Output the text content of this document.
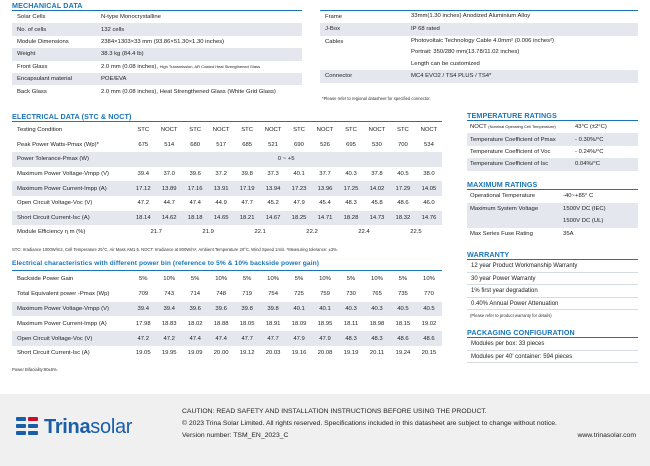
MECHANICAL DATA
Solar Cells	N-type Monocrystalline
No. of cells	132 cells
Module Dimensions	2384×1303×33 mm (93.86×51.30×1.30 inches)
Weight	38.3 kg (84.4 lb)
Front Glass	2.0 mm (0.08 inches), High Transmission, AR Coated Heat Strengthened Glass
Encapsulant material	POE/EVA
Back Glass	2.0 mm (0.08 inches), Heat Strengthened Glass (White Grid Glass)
Frame	33mm(1.30 inches) Anodized Aluminium Alloy

J-Box	IP 68 rated

Cables	Photovoltaic Technology Cable 4.0mm² (0.006 inches²)
Portrait: 350/280 mm(13.78/11.02 inches)
Length can be customized

Connector	MC4 EVO2 / TS4 PLUS / TS4*
*Please refer to regional datasheet for specified connector.
ELECTRICAL DATA (STC & NOCT)
Testing Condition	STC	NOCT	STC	NOCT	STC	NOCT	STC	NOCT	STC	NOCT	STC	NOCT
Peak Power Watts-Pmax (Wp)*	675	514	680	517	685	521	690	526	695	530	700	534
Power Tolerance-Pmax (W)	0 ~ +5											
Maximum Power Voltage-Vmpp (V)	39.4	37.0	39.6	37.2	39.8	37.3	40.1	37.7	40.3	37.8	40.5	38.0
Maximum Power Current-Impp (A)	17.12	13.89	17.16	13.91	17.19	13.94	17.23	13.96	17.25	14.02	17.29	14.05
Open Circuit Voltage-Voc (V)	47.2	44.7	47.4	44.9	47.7	45.2	47.9	45.4	48.3	45.8	48.6	46.0
Short Circuit Current-Isc (A)	18.14	14.62	18.18	14.65	18.21	14.67	18.25	14.71	18.28	14.73	18.32	14.76
Module Efficiency η m (%)	21.7		21.9		22.1		22.2		22.4		22.5	
STC: Irradiance 1000W/m2, Cell Temperature 25°C, Air Mass AM1.5. NOCT: Irradiance at 800W/m², Ambient Temperature 20°C, Wind Speed 1m/s. *Measuring tolerance: ±3%.
Electrical characteristics with different power bin (reference to 5% & 10% backside power gain)
Backside Power Gain	5%	10%	5%	10%	5%	10%	5%	10%	5%	10%	5%	10%
Total Equivalent power -Pmax (Wp)	709	743	714	748	719	754	725	759	730	765	735	770
Maximum Power Voltage-Vmpp (V)	39.4	39.4	39.6	39.6	39.8	39.8	40.1	40.1	40.3	40.3	40.5	40.5
Maximum Power Current-Impp (A)	17.98	18.83	18.02	18.88	18.05	18.91	18.09	18.95	18.11	18.98	18.15	19.02
Open Circuit Voltage-Voc (V)	47.2	47.2	47.4	47.4	47.7	47.7	47.9	47.9	48.3	48.3	48.6	48.6
Short Circuit Current-Isc (A)	19.05	19.95	19.09	20.00	19.12	20.03	19.16	20.08	19.19	20.11	19.24	20.15
Power Bifaciality:80±5%.
TEMPERATURE RATINGS
NOCT (Nominal Operating Cell Temperature)	43°C (±2°C)
Temperature Coefficient of Pmax	- 0.30%/°C
Temperature Coefficient of Voc	- 0.24%/°C
Temperature Coefficient of Isc	0.04%/°C
MAXIMUM RATINGS
Operational Temperature	-40~+85° C

Maximum System Voltage	1500V DC (IEC)
1500V DC (UL)

Max Series Fuse Rating	35A
WARRANTY
12 year Product Workmanship Warranty
30 year Power Warranty
1% first year degradation
0.40% Annual Power Attenuation
(Please refer to product warranty for details)
PACKAGING CONFIGURATION
Modules per box: 33 pieces
Modules per 40' container: 594 pieces
Trinasolar
CAUTION: READ SAFETY AND INSTALLATION INSTRUCTIONS BEFORE USING THE PRODUCT.
© 2023 Trina Solar Limited. All rights reserved. Specifications included in this datasheet are subject to change without notice.
Version number: TSM_EN_2023_C	www.trinasolar.com
